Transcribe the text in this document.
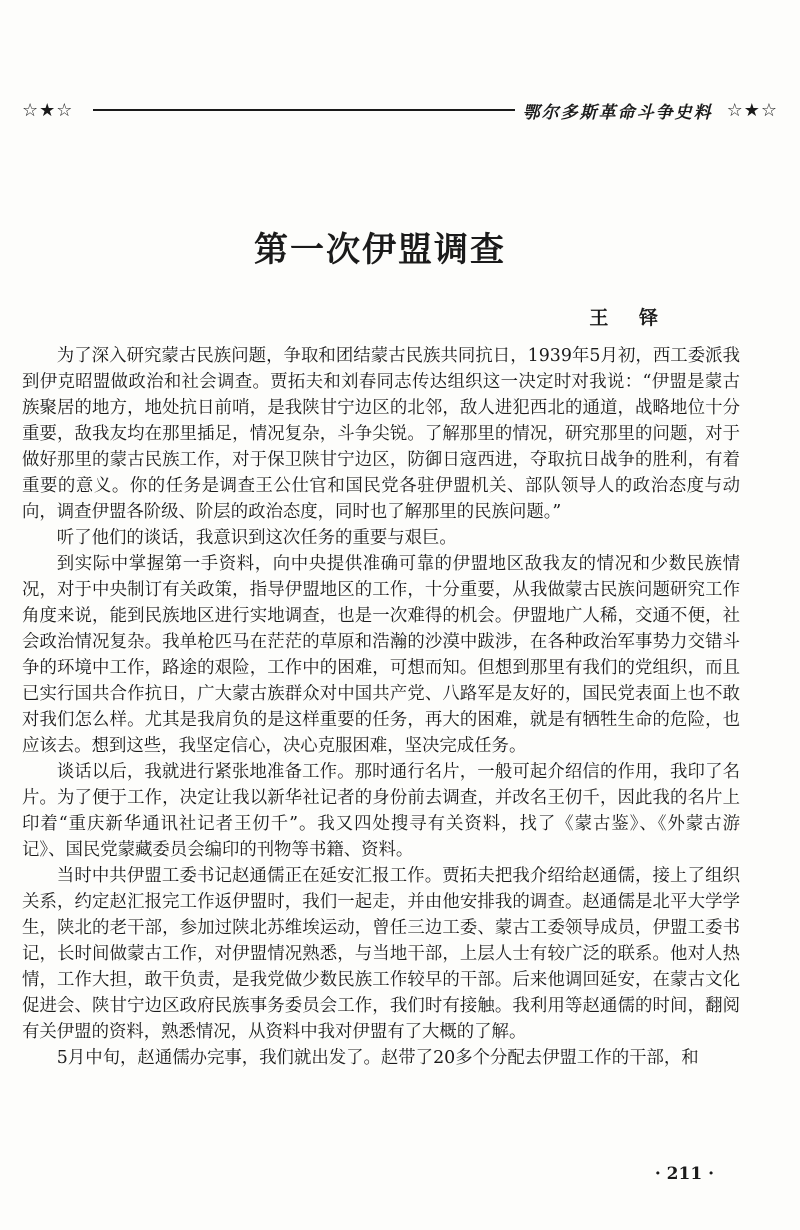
☆★☆	鄂尔多斯革命斗争史料 ☆★☆
第一次伊盟调查
王 铎

为了深入研究蒙古民族问题，争取和团结蒙古民族共同抗日，1939年5月初，西工委派我到伊克昭盟做政治和社会调查。贾拓夫和刘春同志传达组织这一决定时对我说：“伊盟是蒙古族聚居的地方，地处抗日前哨，是我陕甘宁边区的北邻，敌人进犯西北的通道，战略地位十分重要，敌我友均在那里插足，情况复杂，斗争尖锐。了解那里的情况，研究那里的问题，对于做好那里的蒙古民族工作，对于保卫陕甘宁边区，防御日寇西进，夺取抗日战争的胜利，有着重要的意义。你的任务是调查王公仕官和国民党各驻伊盟机关、部队领导人的政治态度与动向，调查伊盟各阶级、阶层的政治态度，同时也了解那里的民族问题。”

听了他们的谈话，我意识到这次任务的重要与艰巨。

到实际中掌握第一手资料，向中央提供准确可靠的伊盟地区敌我友的情况和少数民族情况，对于中央制订有关政策，指导伊盟地区的工作，十分重要，从我做蒙古民族问题研究工作角度来说，能到民族地区进行实地调查，也是一次难得的机会。伊盟地广人稀，交通不便，社会政治情况复杂。我单枪匹马在茫茫的草原和浩瀚的沙漠中跋涉，在各种政治军事势力交错斗争的环境中工作，路途的艰险，工作中的困难，可想而知。但想到那里有我们的党组织，而且已实行国共合作抗日，广大蒙古族群众对中国共产党、八路军是友好的，国民党表面上也不敢对我们怎么样。尤其是我肩负的是这样重要的任务，再大的困难，就是有牺牲生命的危险，也应该去。想到这些，我坚定信心，决心克服困难，坚决完成任务。

谈话以后，我就进行紧张地准备工作。那时通行名片，一般可起介绍信的作用，我印了名片。为了便于工作，决定让我以新华社记者的身份前去调查，并改名王仞千，因此我的名片上印着“重庆新华通讯社记者王仞千”。我又四处搜寻有关资料，找了《蒙古鉴》、《外蒙古游记》、国民党蒙藏委员会编印的刊物等书籍、资料。

当时中共伊盟工委书记赵通儒正在延安汇报工作。贾拓夫把我介绍给赵通儒，接上了组织关系，约定赵汇报完工作返伊盟时，我们一起走，并由他安排我的调查。赵通儒是北平大学学生，陕北的老干部，参加过陕北苏维埃运动，曾任三边工委、蒙古工委领导成员，伊盟工委书记，长时间做蒙古工作，对伊盟情况熟悉，与当地干部，上层人士有较广泛的联系。他对人热情，工作大担，敢干负责，是我党做少数民族工作较早的干部。后来他调回延安，在蒙古文化促进会、陕甘宁边区政府民族事务委员会工作，我们时有接触。我利用等赵通儒的时间，翻阅有关伊盟的资料，熟悉情况，从资料中我对伊盟有了大概的了解。

5月中旬，赵通儒办完事，我们就出发了。赵带了20多个分配去伊盟工作的干部，和

· 211 ·
